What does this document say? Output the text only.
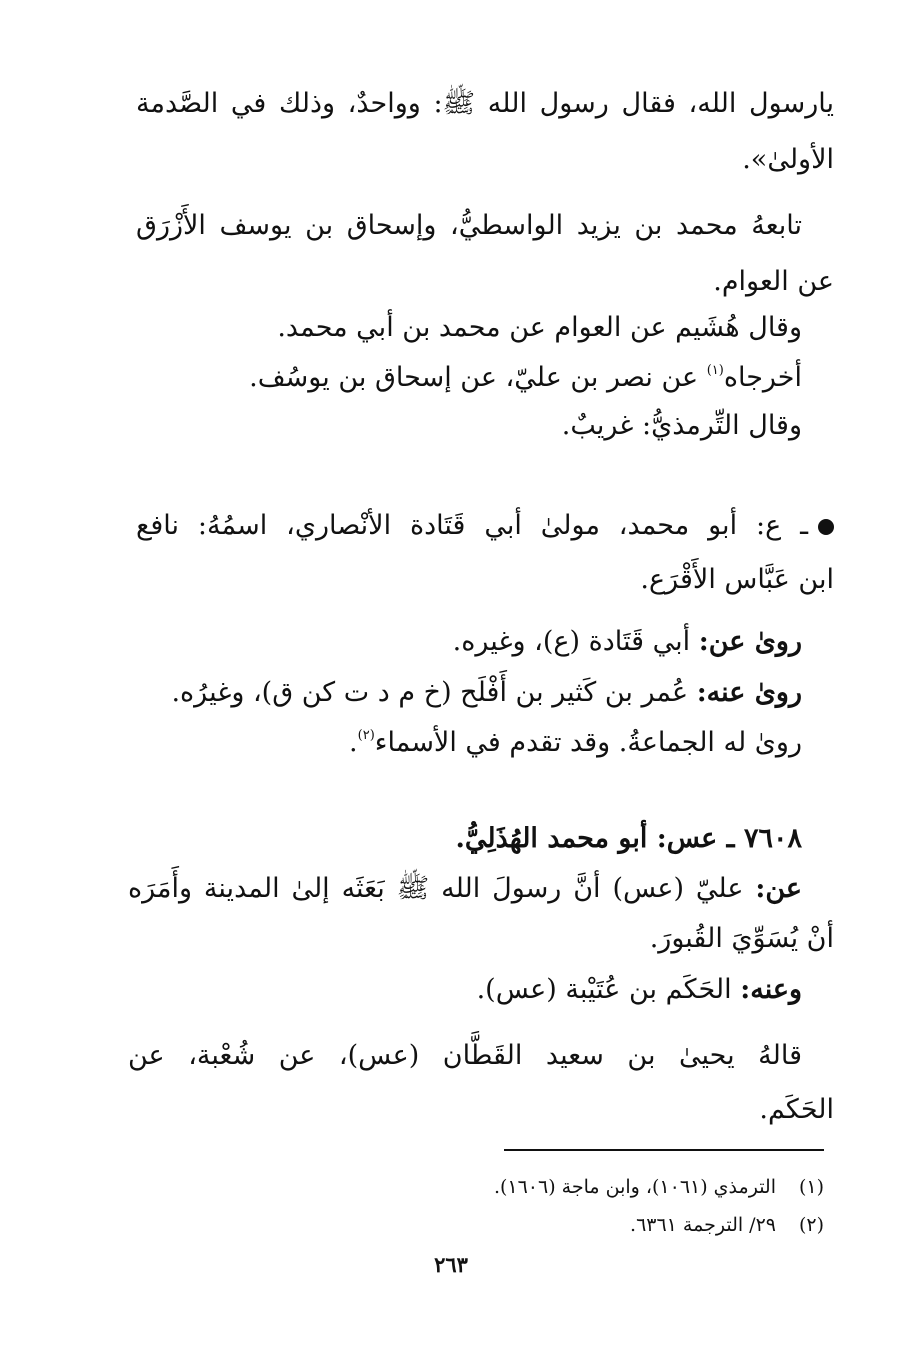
يارسول الله، فقال رسول الله ﷺ: وواحدٌ، وذلك في الصَّدمة

الأولىٰ».

تابعهُ محمد بن يزيد الواسطيُّ، وإسحاق بن يوسف الأَزْرَق

عن العوام.

وقال هُشَيم عن العوام عن محمد بن أبي محمد.

أخرجاه$^{(١)}$ عن نصر بن عليّ، عن إسحاق بن يوسُف.

وقال التِّرمذيُّ: غريبٌ.

ـ ع: أبو محمد، مولىٰ أبي قَتَادة الأنْصاري، اسمُهُ: نافع

ابن عَبَّاس الأَقْرَع.

روىٰ عن: أبي قَتَادة (ع)، وغيره.

روىٰ عنه: عُمر بن كَثير بن أَفْلَح (خ م د ت كن ق)، وغيرُه.

روىٰ له الجماعةُ. وقد تقدم في الأسماء$^{(٢)}$.

٧٦٠٨ ـ عس: أبو محمد الهُذَلِيُّ.

عن: عليّ (عس) أنَّ رسولَ الله ﷺ بَعَثَه إلىٰ المدينة وأَمَرَه

أنْ يُسَوِّيَ القُبورَ.

وعنه: الحَكَم بن عُتَيْبة (عس).

قالهُ يحيىٰ بن سعيد القَطَّان (عس)، عن شُعْبة، عن

الحَكَم.

(١)الترمذي (١٠٦١)، وابن ماجة (١٦٠٦).
(٢)٢٩/ الترجمة ٦٣٦١.
٢٦٣
